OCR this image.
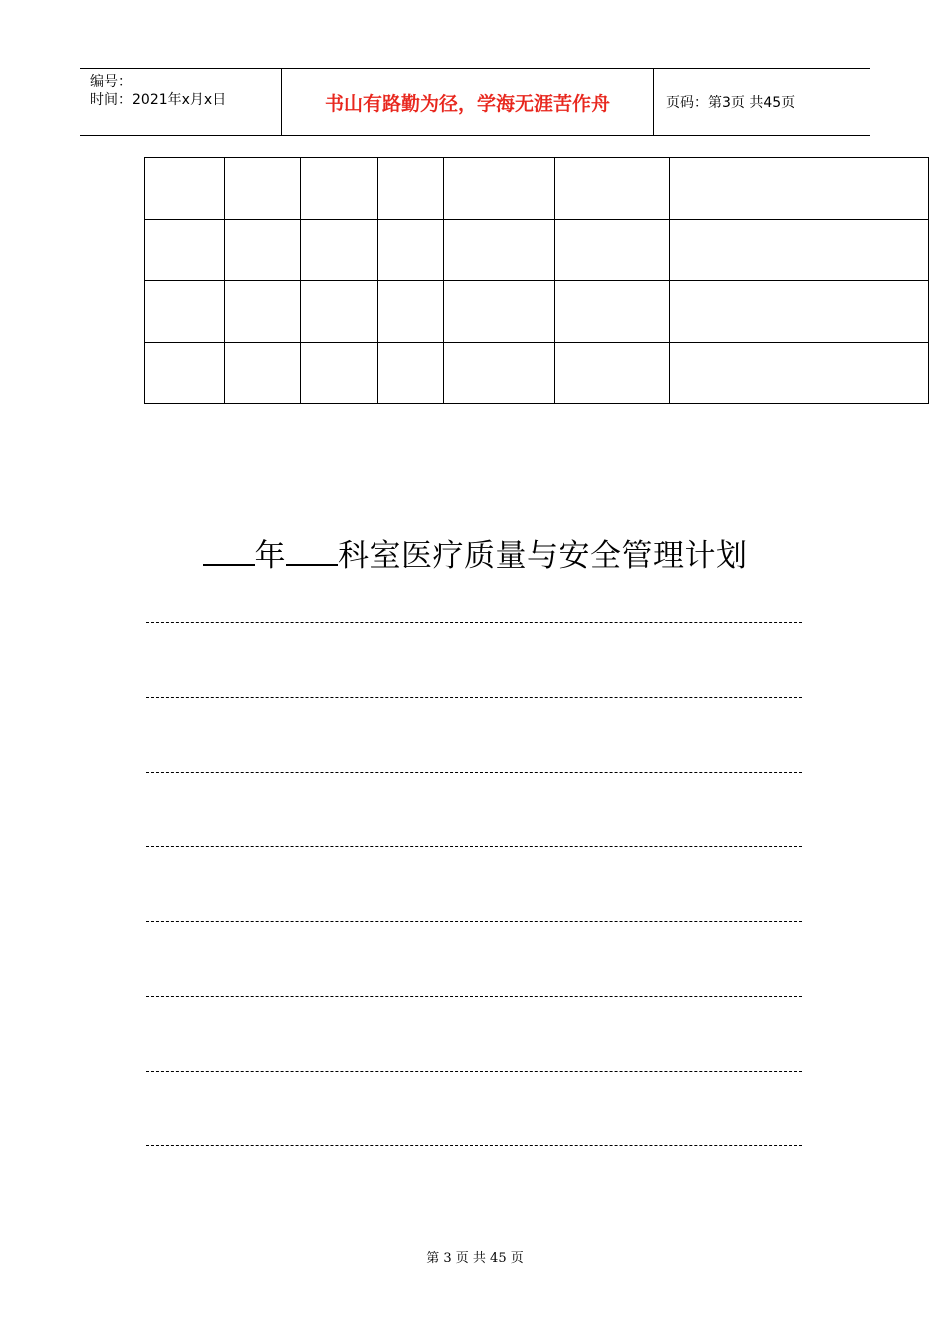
编号：
时间：2021年x月x日	书山有路勤为径，学海无涯苦作舟	页码：第3页 共45页

年 科室医疗质量与安全管理计划
第 3 页 共 45 页
